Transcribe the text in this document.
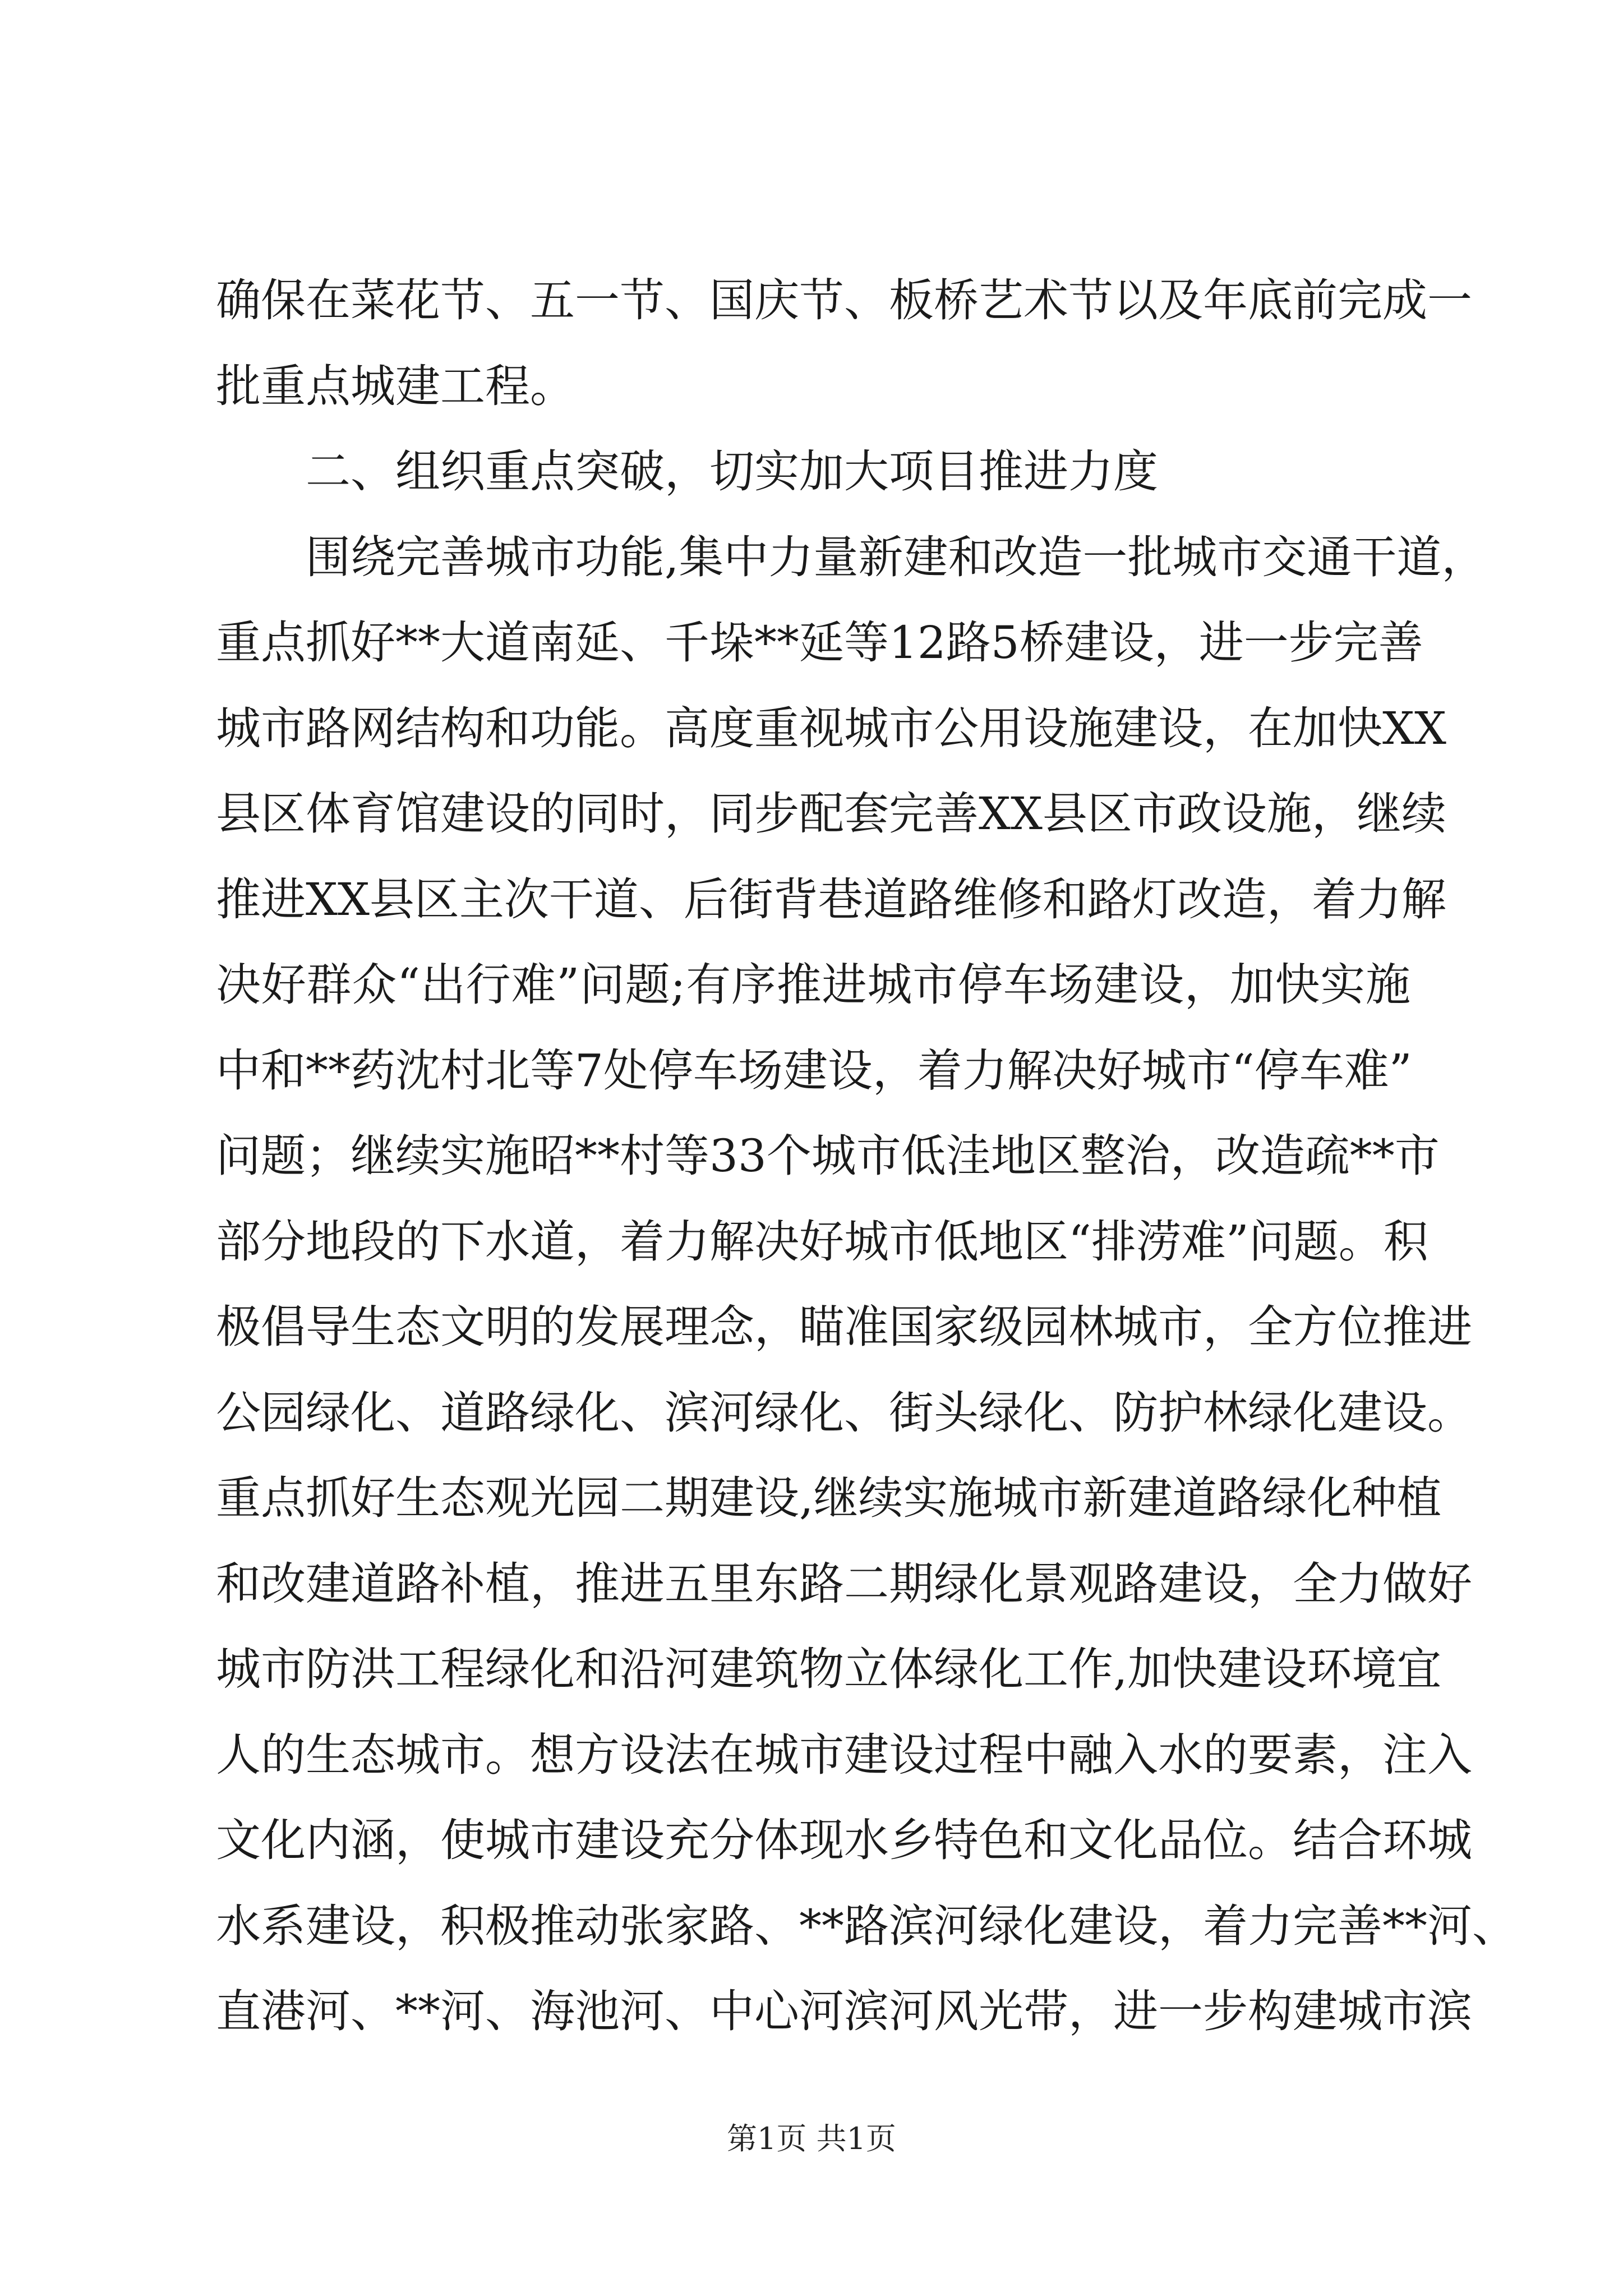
确保在菜花节、五一节、国庆节、板桥艺术节以及年底前完成一
批重点城建工程。
二、组织重点突破，切实加大项目推进力度
围绕完善城市功能,集中力量新建和改造一批城市交通干道，
重点抓好**大道南延、千垛**延等12路5桥建设，进一步完善
城市路网结构和功能。高度重视城市公用设施建设，在加快XX
县区体育馆建设的同时，同步配套完善XX县区市政设施，继续
推进XX县区主次干道、后街背巷道路维修和路灯改造，着力解
决好群众“出行难”问题;有序推进城市停车场建设，加快实施
中和**药沈村北等7处停车场建设，着力解决好城市“停车难”
问题；继续实施昭**村等33个城市低洼地区整治，改造疏**市
部分地段的下水道，着力解决好城市低地区“排涝难”问题。积
极倡导生态文明的发展理念，瞄准国家级园林城市，全方位推进
公园绿化、道路绿化、滨河绿化、街头绿化、防护林绿化建设。
重点抓好生态观光园二期建设,继续实施城市新建道路绿化种植
和改建道路补植，推进五里东路二期绿化景观路建设，全力做好
城市防洪工程绿化和沿河建筑物立体绿化工作,加快建设环境宜
人的生态城市。想方设法在城市建设过程中融入水的要素，注入
文化内涵，使城市建设充分体现水乡特色和文化品位。结合环城
水系建设，积极推动张家路、**路滨河绿化建设，着力完善**河、
直港河、**河、海池河、中心河滨河风光带，进一步构建城市滨
第1页 共1页
